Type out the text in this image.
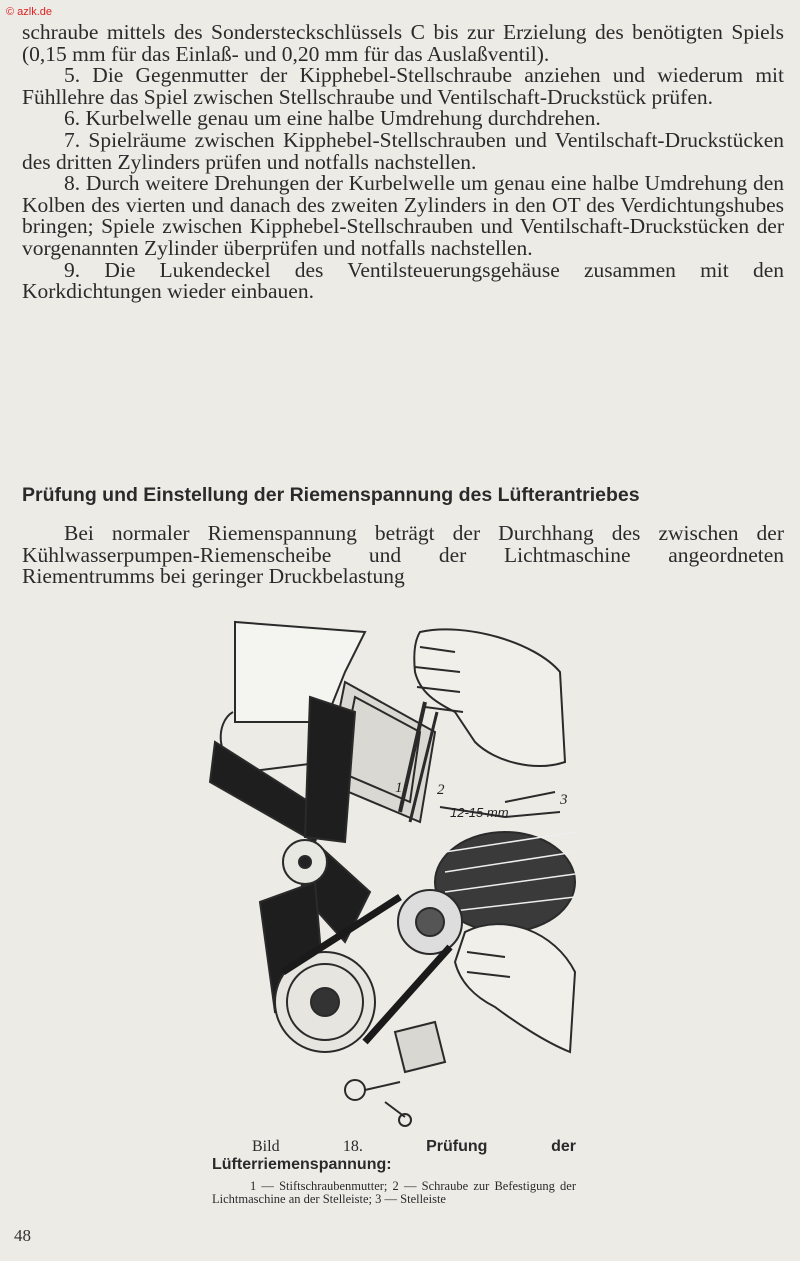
© azlk.de

schraube mittels des Sondersteckschlüssels C bis zur Erzielung des benötigten Spiels (0,15 mm für das Einlaß- und 0,20 mm für das Auslaßventil).

5. Die Gegenmutter der Kipphebel-Stellschraube anziehen und wiederum mit Fühllehre das Spiel zwischen Stellschraube und Ventilschaft-Druckstück prüfen.

6. Kurbelwelle genau um eine halbe Umdrehung durchdrehen.

7. Spielräume zwischen Kipphebel-Stellschrauben und Ventilschaft-Druckstücken des dritten Zylinders prüfen und notfalls nachstellen.

8. Durch weitere Drehungen der Kurbelwelle um genau eine halbe Umdrehung den Kolben des vierten und danach des zweiten Zylinders in den OT des Verdichtungshubes bringen; Spiele zwischen Kipphebel-Stellschrauben und Ventilschaft-Druckstücken der vorgenannten Zylinder überprüfen und notfalls nachstellen.

9. Die Lukendeckel des Ventilsteuerungsgehäuse zusammen mit den Korkdichtungen wieder einbauen.

Prüfung und Einstellung der Riemenspannung des Lüfterantriebes

Bei normaler Riemenspannung beträgt der Durchhang des zwischen der Kühlwasserpumpen-Riemenscheibe und der Lichtmaschine angeordneten Riementrumms bei geringer Druckbelastung

1 2
3
12-15 mm
Bild 18.	Prüfung der Lüfterriemenspannung:
1 — Stiftschraubenmutter; 2 — Schraube zur Befestigung der Lichtmaschine an der Stelleiste; 3 — Stelleiste
48
